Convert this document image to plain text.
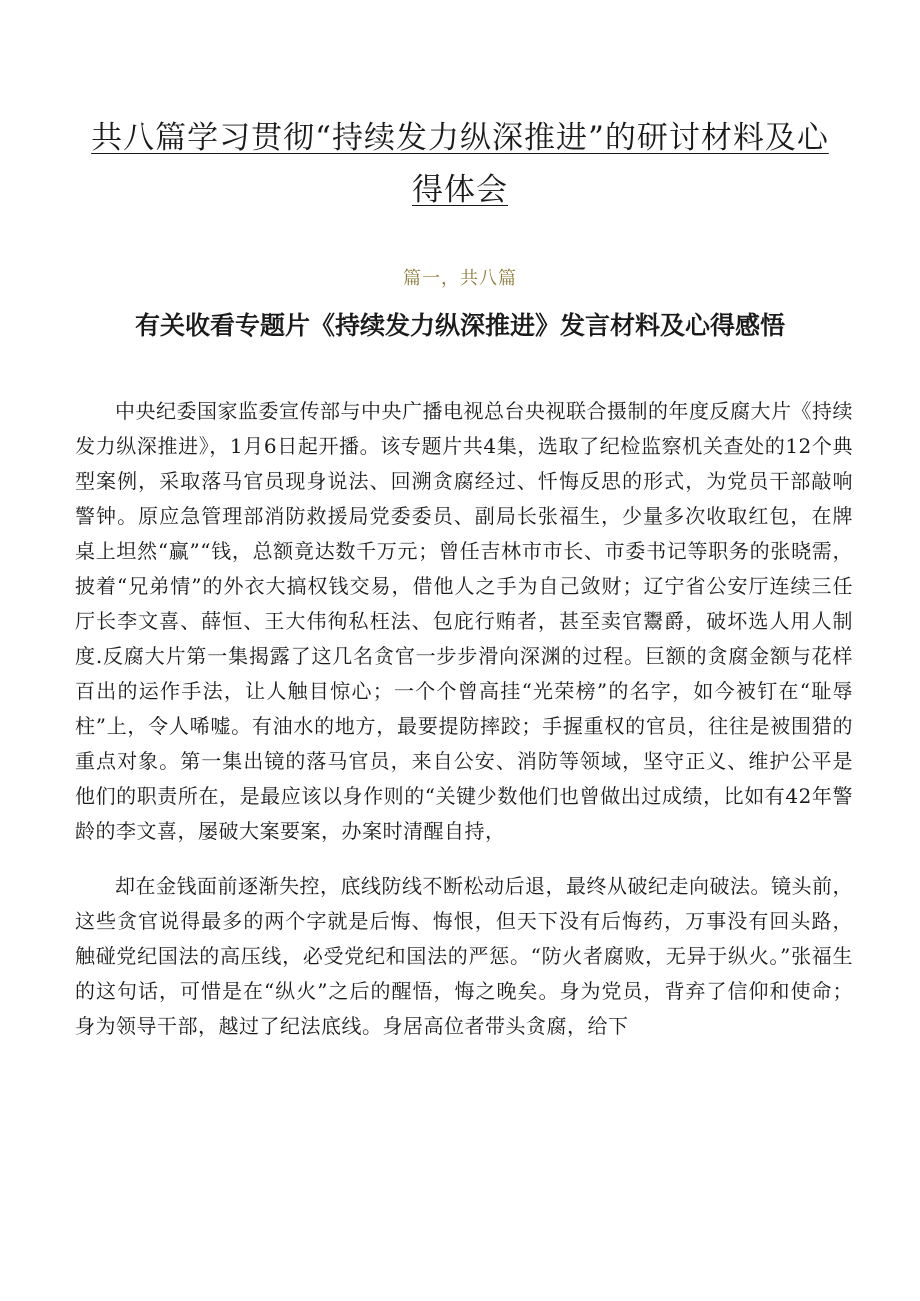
共八篇学习贯彻“持续发力纵深推进”的研讨材料及心得体会
篇一，共八篇
有关收看专题片《持续发力纵深推进》发言材料及心得感悟

中央纪委国家监委宣传部与中央广播电视总台央视联合摄制的年度反腐大片《持续发力纵深推进》，1月6日起开播。该专题片共4集，选取了纪检监察机关查处的12个典型案例，采取落马官员现身说法、回溯贪腐经过、忏悔反思的形式，为党员干部敲响警钟。原应急管理部消防救援局党委委员、副局长张福生，少量多次收取红包，在牌桌上坦然“赢”“钱，总额竟达数千万元；曾任吉林市市长、市委书记等职务的张晓需，披着“兄弟情”的外衣大搞权钱交易，借他人之手为自己敛财；辽宁省公安厅连续三任厅长李文喜、薛恒、王大伟徇私枉法、包庇行贿者，甚至卖官鬻爵，破坏选人用人制度.反腐大片第一集揭露了这几名贪官一步步滑向深渊的过程。巨额的贪腐金额与花样百出的运作手法，让人触目惊心；一个个曾高挂“光荣榜”的名字，如今被钉在“耻辱柱”上，令人唏嘘。有油水的地方，最要提防摔跤；手握重权的官员，往往是被围猎的重点对象。第一集出镜的落马官员，来自公安、消防等领域，坚守正义、维护公平是他们的职责所在，是最应该以身作则的“关键少数他们也曾做出过成绩，比如有42年警龄的李文喜，屡破大案要案，办案时清醒自持，

却在金钱面前逐渐失控，底线防线不断松动后退，最终从破纪走向破法。镜头前，这些贪官说得最多的两个字就是后悔、悔恨，但天下没有后悔药，万事没有回头路，触碰党纪国法的高压线，必受党纪和国法的严惩。“防火者腐败，无异于纵火。”张福生的这句话，可惜是在“纵火”之后的醒悟，悔之晚矣。身为党员，背弃了信仰和使命；身为领导干部，越过了纪法底线。身居高位者带头贪腐，给下
